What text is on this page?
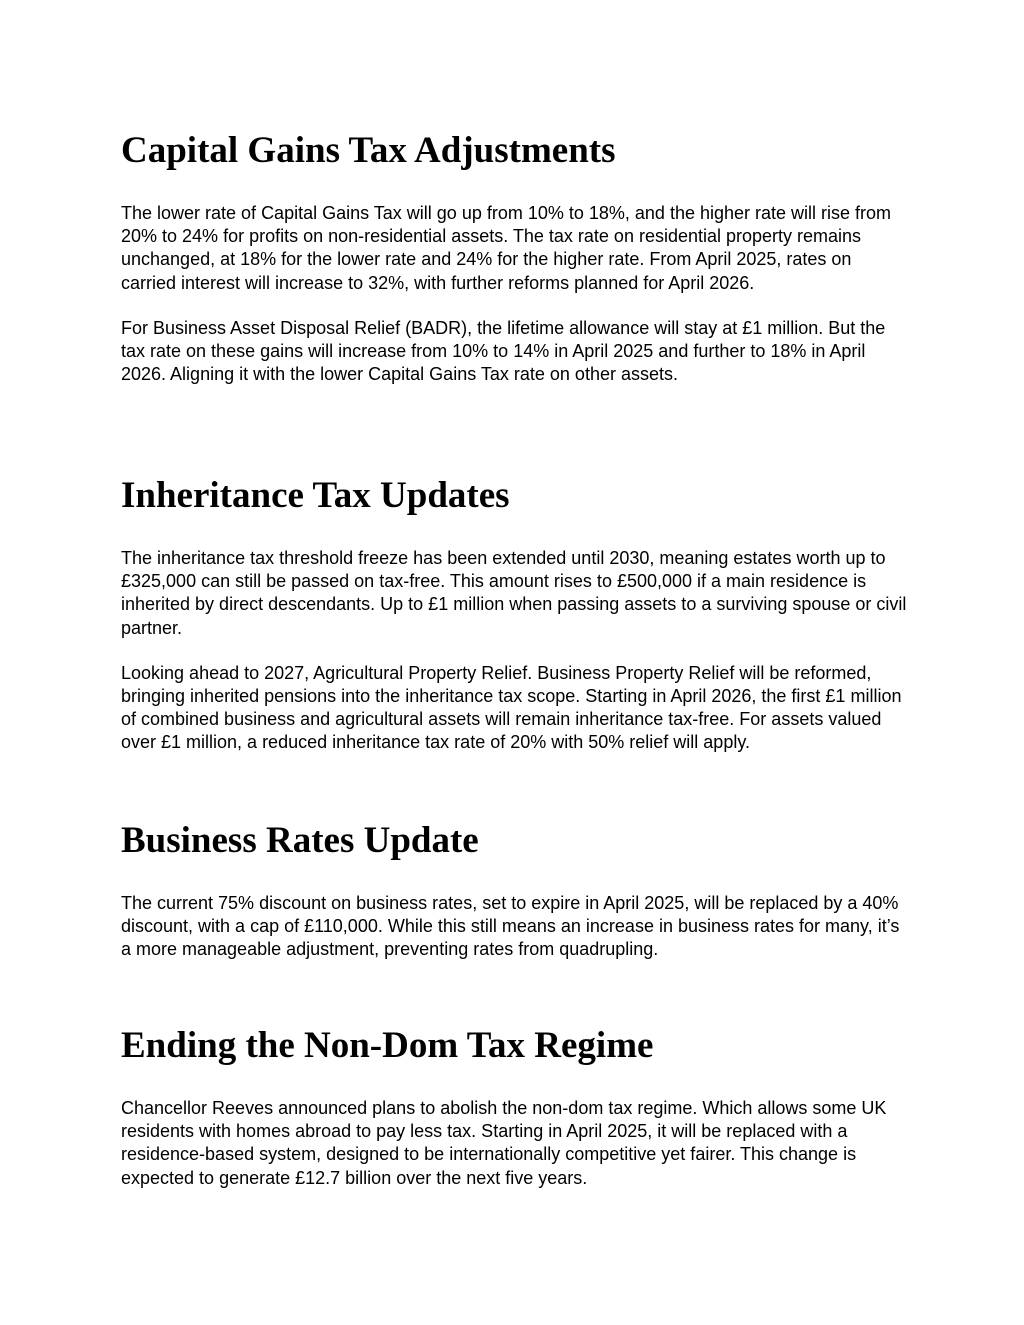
Capital Gains Tax Adjustments

The lower rate of Capital Gains Tax will go up from 10% to 18%, and the higher rate will rise from 20% to 24% for profits on non-residential assets. The tax rate on residential property remains unchanged, at 18% for the lower rate and 24% for the higher rate. From April 2025, rates on carried interest will increase to 32%, with further reforms planned for April 2026.

For Business Asset Disposal Relief (BADR), the lifetime allowance will stay at £1 million. But the tax rate on these gains will increase from 10% to 14% in April 2025 and further to 18% in April 2026. Aligning it with the lower Capital Gains Tax rate on other assets.

Inheritance Tax Updates

The inheritance tax threshold freeze has been extended until 2030, meaning estates worth up to £325,000 can still be passed on tax-free. This amount rises to £500,000 if a main residence is inherited by direct descendants. Up to £1 million when passing assets to a surviving spouse or civil partner.

Looking ahead to 2027, Agricultural Property Relief. Business Property Relief will be reformed, bringing inherited pensions into the inheritance tax scope. Starting in April 2026, the first £1 million of combined business and agricultural assets will remain inheritance tax-free. For assets valued over £1 million, a reduced inheritance tax rate of 20% with 50% relief will apply.

Business Rates Update

The current 75% discount on business rates, set to expire in April 2025, will be replaced by a 40% discount, with a cap of £110,000. While this still means an increase in business rates for many, it’s a more manageable adjustment, preventing rates from quadrupling.

Ending the Non-Dom Tax Regime

Chancellor Reeves announced plans to abolish the non-dom tax regime. Which allows some UK residents with homes abroad to pay less tax. Starting in April 2025, it will be replaced with a residence-based system, designed to be internationally competitive yet fairer. This change is expected to generate £12.7 billion over the next five years.
